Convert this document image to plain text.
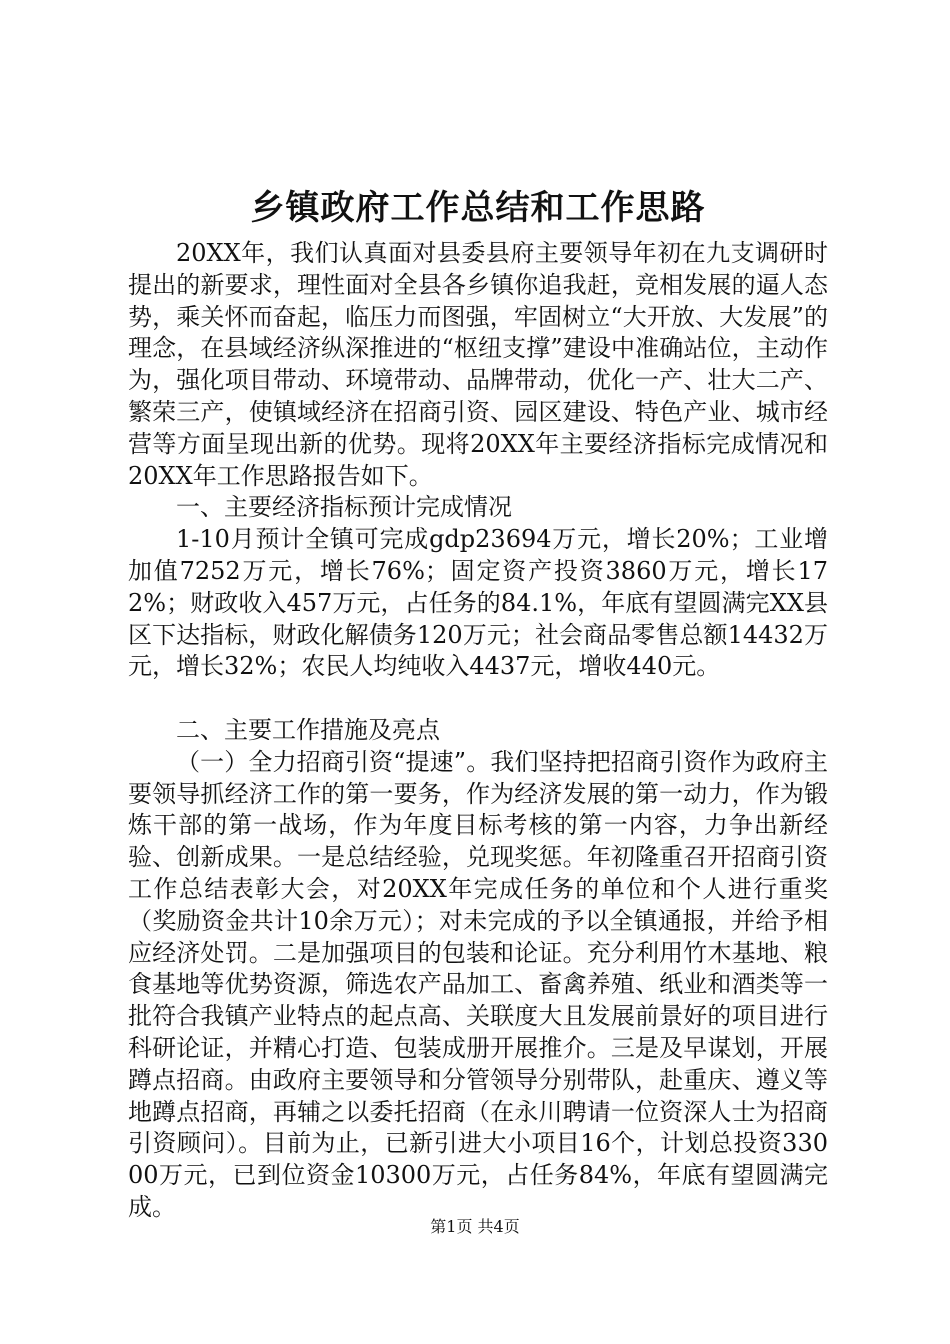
乡镇政府工作总结和工作思路

20XX年，我们认真面对县委县府主要领导年初在九支调研时提出的新要求，理性面对全县各乡镇你追我赶，竞相发展的逼人态势，乘关怀而奋起，临压力而图强，牢固树立“大开放、大发展”的理念，在县域经济纵深推进的“枢纽支撑”建设中准确站位，主动作为，强化项目带动、环境带动、品牌带动，优化一产、壮大二产、繁荣三产，使镇域经济在招商引资、园区建设、特色产业、城市经营等方面呈现出新的优势。现将20XX年主要经济指标完成情况和20XX年工作思路报告如下。

一、主要经济指标预计完成情况

1-10月预计全镇可完成gdp23694万元，增长20%；工业增加值7252万元，增长76%；固定资产投资3860万元，增长172%；财政收入457万元，占任务的84.1%，年底有望圆满完XX县区下达指标，财政化解债务120万元；社会商品零售总额14432万元，增长32%；农民人均纯收入4437元，增收440元。

二、主要工作措施及亮点

（一）全力招商引资“提速”。我们坚持把招商引资作为政府主要领导抓经济工作的第一要务，作为经济发展的第一动力，作为锻炼干部的第一战场，作为年度目标考核的第一内容，力争出新经验、创新成果。一是总结经验，兑现奖惩。年初隆重召开招商引资工作总结表彰大会，对20XX年完成任务的单位和个人进行重奖（奖励资金共计10余万元）；对未完成的予以全镇通报，并给予相应经济处罚。二是加强项目的包装和论证。充分利用竹木基地、粮食基地等优势资源，筛选农产品加工、畜禽养殖、纸业和酒类等一批符合我镇产业特点的起点高、关联度大且发展前景好的项目进行科研论证，并精心打造、包装成册开展推介。三是及早谋划，开展蹲点招商。由政府主要领导和分管领导分别带队，赴重庆、遵义等地蹲点招商，再辅之以委托招商（在永川聘请一位资深人士为招商引资顾问）。目前为止，已新引进大小项目16个，计划总投资33000万元，已到位资金10300万元，占任务84%，年底有望圆满完成。

第1页 共4页
